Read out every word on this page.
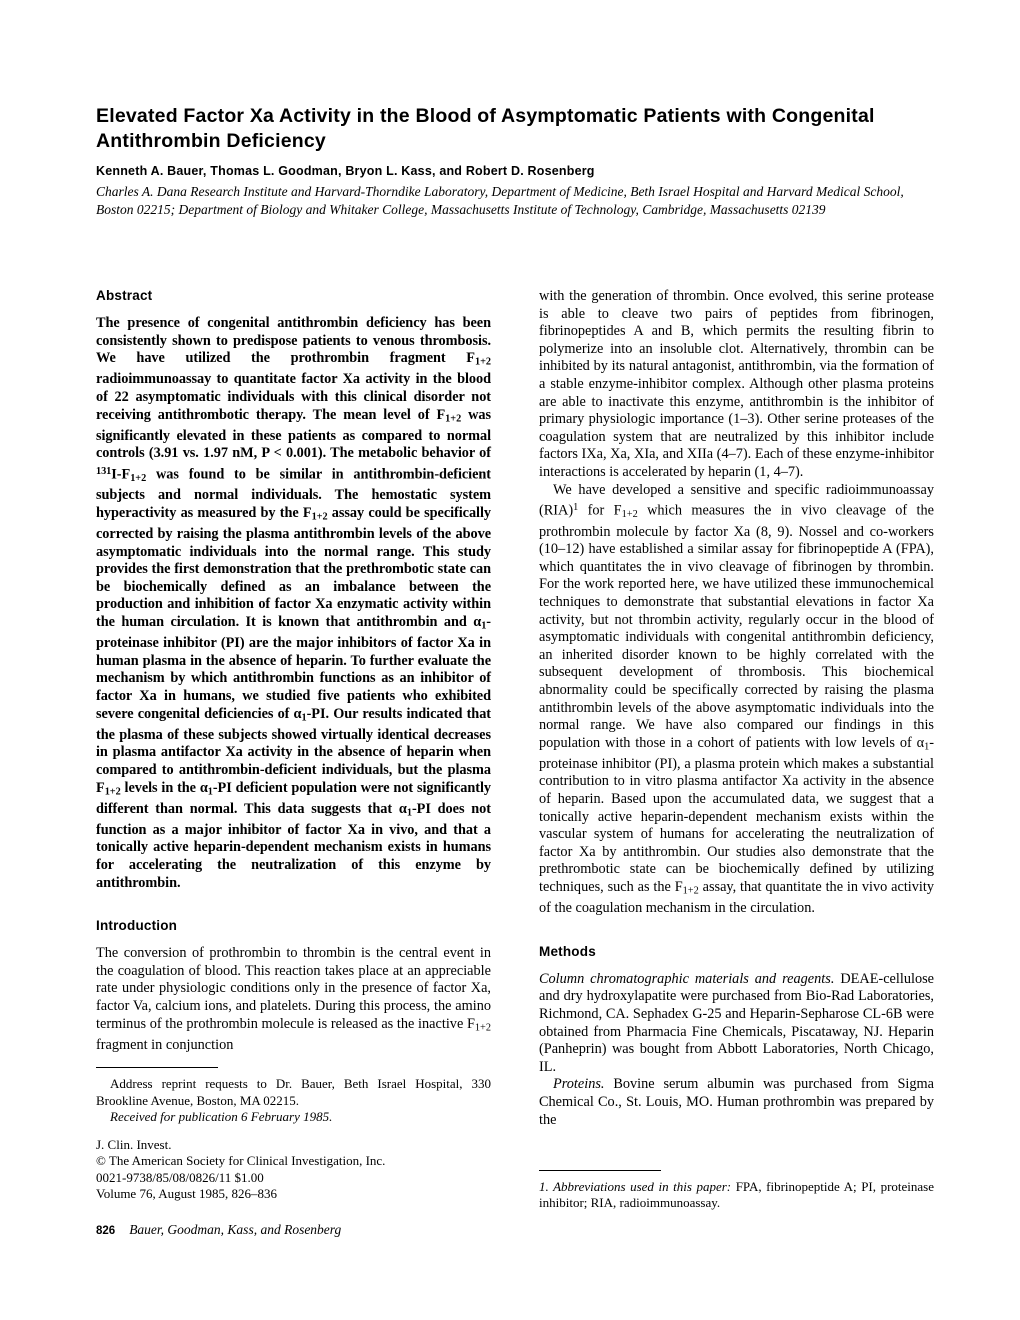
Elevated Factor Xa Activity in the Blood of Asymptomatic Patients with Congenital Antithrombin Deficiency
Kenneth A. Bauer, Thomas L. Goodman, Bryon L. Kass, and Robert D. Rosenberg
Charles A. Dana Research Institute and Harvard-Thorndike Laboratory, Department of Medicine, Beth Israel Hospital and Harvard Medical School, Boston 02215; Department of Biology and Whitaker College, Massachusetts Institute of Technology, Cambridge, Massachusetts 02139
Abstract

The presence of congenital antithrombin deficiency has been consistently shown to predispose patients to venous thrombosis. We have utilized the prothrombin fragment $F_{1+2}$ radioimmunoassay to quantitate factor Xa activity in the blood of 22 asymptomatic individuals with this clinical disorder not receiving antithrombotic therapy. The mean level of $F_{1+2}$ was significantly elevated in these patients as compared to normal controls (3.91 vs. 1.97 nM, P < 0.001). The metabolic behavior of $^{131}I-F_{1+2}$ was found to be similar in antithrombin-deficient subjects and normal individuals. The hemostatic system hyperactivity as measured by the $F_{1+2}$ assay could be specifically corrected by raising the plasma antithrombin levels of the above asymptomatic individuals into the normal range. This study provides the first demonstration that the prethrombotic state can be biochemically defined as an imbalance between the production and inhibition of factor Xa enzymatic activity within the human circulation. It is known that antithrombin and $\alpha_1$-proteinase inhibitor (PI) are the major inhibitors of factor Xa in human plasma in the absence of heparin. To further evaluate the mechanism by which antithrombin functions as an inhibitor of factor Xa in humans, we studied five patients who exhibited severe congenital deficiencies of $\alpha_1-PI$. Our results indicated that the plasma of these subjects showed virtually identical decreases in plasma antifactor Xa activity in the absence of heparin when compared to antithrombin-deficient individuals, but the plasma $F_{1+2}$ levels in the $\alpha_1-PI$ deficient population were not significantly different than normal. This data suggests that $\alpha_1-PI$ does not function as a major inhibitor of factor Xa in vivo, and that a tonically active heparin-dependent mechanism exists in humans for accelerating the neutralization of this enzyme by antithrombin.

Introduction

The conversion of prothrombin to thrombin is the central event in the coagulation of blood. This reaction takes place at an appreciable rate under physiologic conditions only in the presence of factor Xa, factor Va, calcium ions, and platelets. During this process, the amino terminus of the prothrombin molecule is released as the inactive $F_{1+2}$ fragment in conjunction

Address reprint requests to Dr. Bauer, Beth Israel Hospital, 330 Brookline Avenue, Boston, MA 02215.

Received for publication 6 February 1985.

J. Clin. Invest.

© The American Society for Clinical Investigation, Inc.

0021-9738/85/08/0826/11 $1.00

Volume 76, August 1985, 826–836

with the generation of thrombin. Once evolved, this serine protease is able to cleave two pairs of peptides from fibrinogen, fibrinopeptides A and B, which permits the resulting fibrin to polymerize into an insoluble clot. Alternatively, thrombin can be inhibited by its natural antagonist, antithrombin, via the formation of a stable enzyme-inhibitor complex. Although other plasma proteins are able to inactivate this enzyme, antithrombin is the inhibitor of primary physiologic importance (1–3). Other serine proteases of the coagulation system that are neutralized by this inhibitor include factors IXa, Xa, XIa, and XIIa (4–7). Each of these enzyme-inhibitor interactions is accelerated by heparin (1, 4–7).

We have developed a sensitive and specific radioimmunoassay (RIA)$^1$ for $F_{1+2}$ which measures the in vivo cleavage of the prothrombin molecule by factor Xa (8, 9). Nossel and co-workers (10–12) have established a similar assay for fibrinopeptide A (FPA), which quantitates the in vivo cleavage of fibrinogen by thrombin. For the work reported here, we have utilized these immunochemical techniques to demonstrate that substantial elevations in factor Xa activity, but not thrombin activity, regularly occur in the blood of asymptomatic individuals with congenital antithrombin deficiency, an inherited disorder known to be highly correlated with the subsequent development of thrombosis. This biochemical abnormality could be specifically corrected by raising the plasma antithrombin levels of the above asymptomatic individuals into the normal range. We have also compared our findings in this population with those in a cohort of patients with low levels of $\alpha_1$-proteinase inhibitor (PI), a plasma protein which makes a substantial contribution to in vitro plasma antifactor Xa activity in the absence of heparin. Based upon the accumulated data, we suggest that a tonically active heparin-dependent mechanism exists within the vascular system of humans for accelerating the neutralization of factor Xa by antithrombin. Our studies also demonstrate that the prethrombotic state can be biochemically defined by utilizing techniques, such as the $F_{1+2}$ assay, that quantitate the in vivo activity of the coagulation mechanism in the circulation.

Methods

Column chromatographic materials and reagents. DEAE-cellulose and dry hydroxylapatite were purchased from Bio-Rad Laboratories, Richmond, CA. Sephadex G-25 and Heparin-Sepharose CL-6B were obtained from Pharmacia Fine Chemicals, Piscataway, NJ. Heparin (Panheprin) was bought from Abbott Laboratories, North Chicago, IL.

Proteins. Bovine serum albumin was purchased from Sigma Chemical Co., St. Louis, MO. Human prothrombin was prepared by the

1. Abbreviations used in this paper: FPA, fibrinopeptide A; PI, proteinase inhibitor; RIA, radioimmunoassay.

826 Bauer, Goodman, Kass, and Rosenberg
